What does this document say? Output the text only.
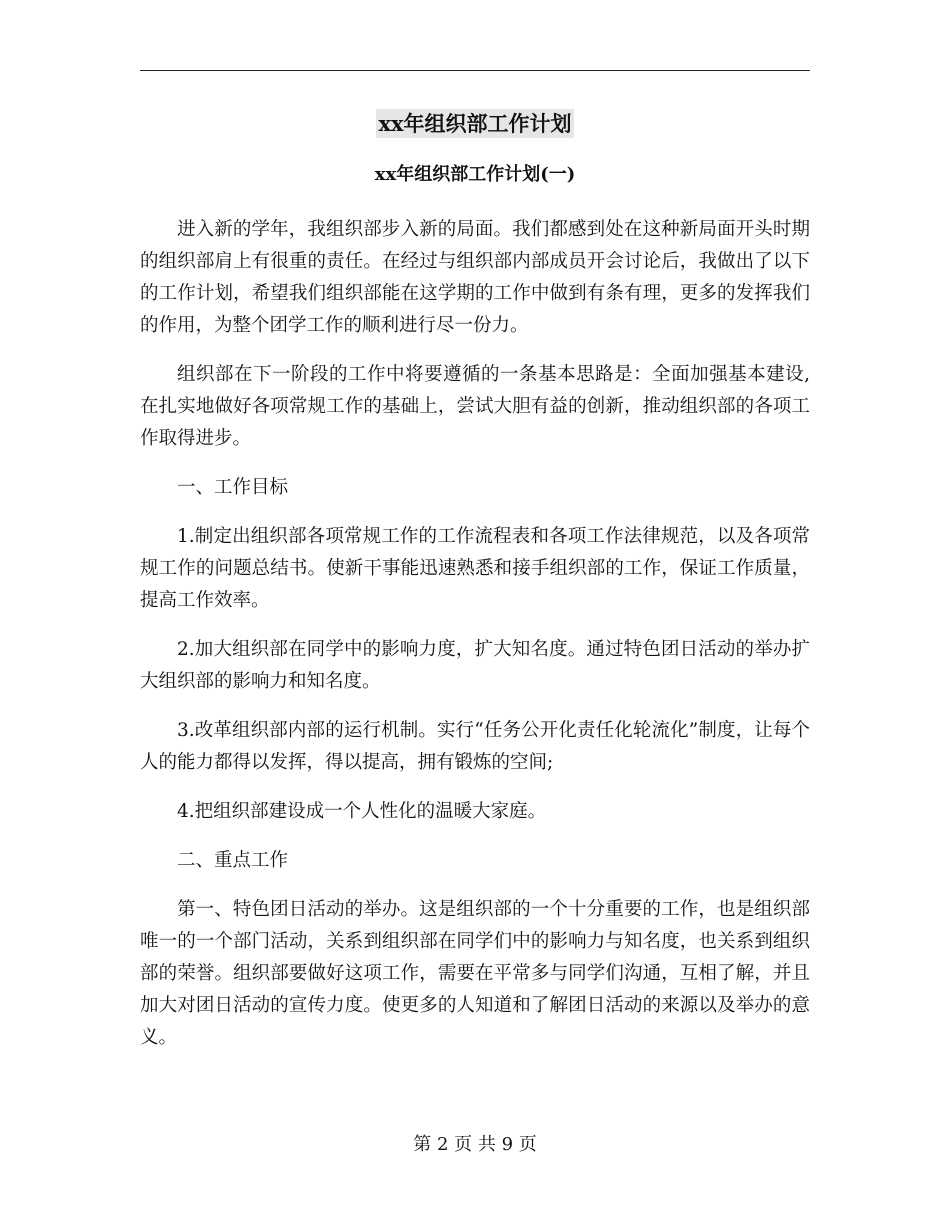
xx年组织部工作计划
xx年组织部工作计划(一)

进入新的学年，我组织部步入新的局面。我们都感到处在这种新局面开头时期的组织部肩上有很重的责任。在经过与组织部内部成员开会讨论后，我做出了以下的工作计划，希望我们组织部能在这学期的工作中做到有条有理，更多的发挥我们的作用，为整个团学工作的顺利进行尽一份力。

组织部在下一阶段的工作中将要遵循的一条基本思路是：全面加强基本建设,在扎实地做好各项常规工作的基础上，尝试大胆有益的创新，推动组织部的各项工作取得进步。

一、工作目标

1.制定出组织部各项常规工作的工作流程表和各项工作法律规范，以及各项常规工作的问题总结书。使新干事能迅速熟悉和接手组织部的工作，保证工作质量，提高工作效率。

2.加大组织部在同学中的影响力度，扩大知名度。通过特色团日活动的举办扩大组织部的影响力和知名度。

3.改革组织部内部的运行机制。实行“任务公开化责任化轮流化”制度，让每个人的能力都得以发挥，得以提高，拥有锻炼的空间;

4.把组织部建设成一个人性化的温暖大家庭。

二、重点工作

第一、特色团日活动的举办。这是组织部的一个十分重要的工作，也是组织部唯一的一个部门活动，关系到组织部在同学们中的影响力与知名度，也关系到组织部的荣誉。组织部要做好这项工作，需要在平常多与同学们沟通，互相了解，并且加大对团日活动的宣传力度。使更多的人知道和了解团日活动的来源以及举办的意义。

第 2 页 共 9 页
